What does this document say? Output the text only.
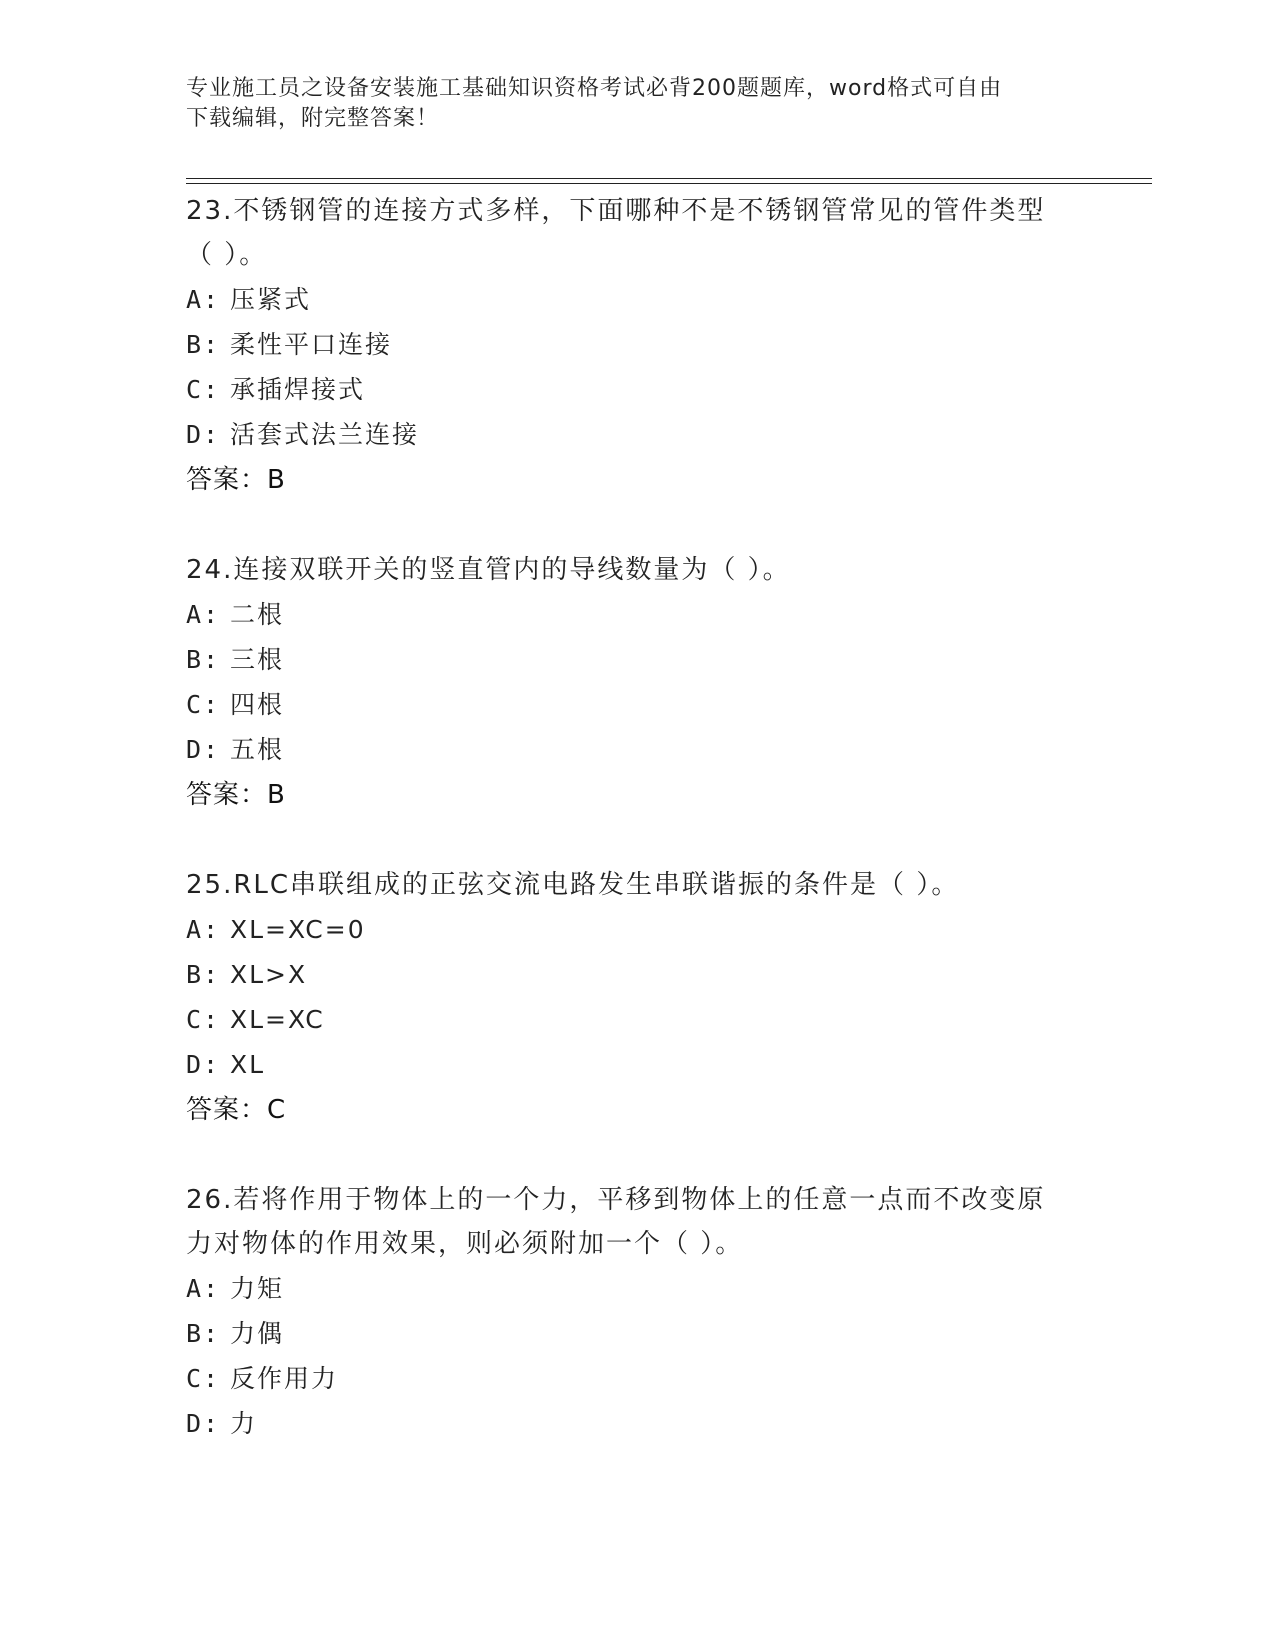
专业施工员之设备安装施工基础知识资格考试必背200题题库，word格式可自由
下载编辑，附完整答案！

23.不锈钢管的连接方式多样，下面哪种不是不锈钢管常见的管件类型

（ ）。

A: 压紧式

B: 柔性平口连接

C: 承插焊接式

D: 活套式法兰连接

答案：B

24.连接双联开关的竖直管内的导线数量为（ ）。

A: 二根

B: 三根

C: 四根

D: 五根

答案：B

25.RLC串联组成的正弦交流电路发生串联谐振的条件是（ ）。

A: XL=XC=0

B: XL>X

C: XL=XC

D: XL

答案：C

26.若将作用于物体上的一个力，平移到物体上的任意一点而不改变原

力对物体的作用效果，则必须附加一个（ ）。

A: 力矩

B: 力偶

C: 反作用力

D: 力
